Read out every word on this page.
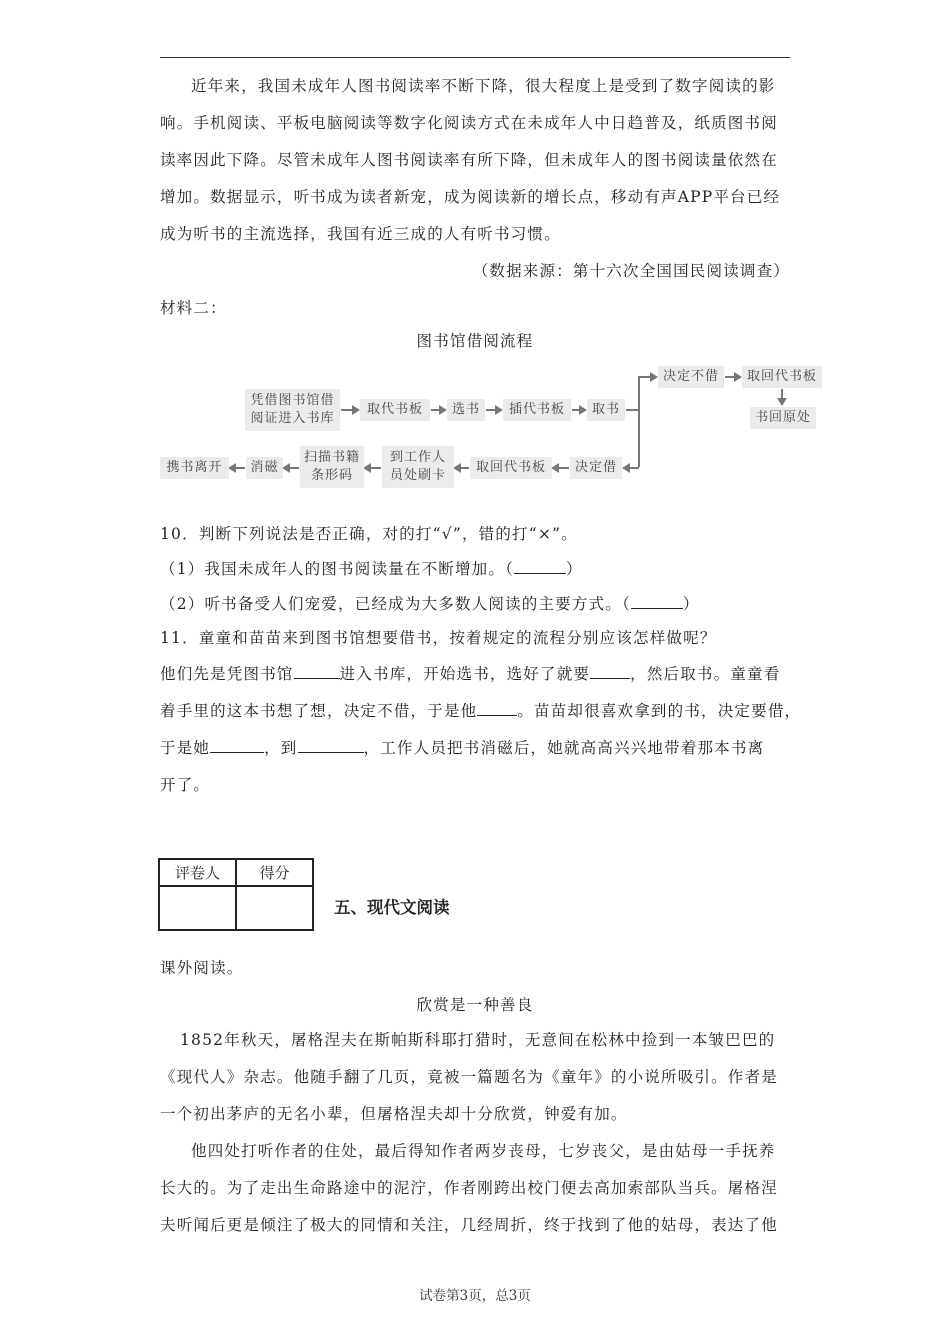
近年来，我国未成年人图书阅读率不断下降，很大程度上是受到了数字阅读的影
响。手机阅读、平板电脑阅读等数字化阅读方式在未成年人中日趋普及，纸质图书阅
读率因此下降。尽管未成年人图书阅读率有所下降，但未成年人的图书阅读量依然在
增加。数据显示，听书成为读者新宠，成为阅读新的增长点，移动有声APP平台已经
成为听书的主流选择，我国有近三成的人有听书习惯。
（数据来源：第十六次全国国民阅读调查）
材料二：
图书馆借阅流程
凭借图书馆借
阅证进入书库
取代书板	选书	插代书板	取书
决定不借	取回代书板
书回原处
决定借
取回代书板
到工作人
员处刷卡
扫描书籍
条形码
消磁
携书离开
10．判断下列说法是否正确，对的打“√”，错的打“×”。
（1）我国未成年人的图书阅读量在不断增加。（	）
（2）听书备受人们宠爱，已经成为大多数人阅读的主要方式。（	）
11．童童和苗苗来到图书馆想要借书，按着规定的流程分别应该怎样做呢？
他们先是凭图书馆	进入书库，开始选书，选好了就要	，然后取书。童童看
着手里的这本书想了想，决定不借，于是他	。苗苗却很喜欢拿到的书，决定要借，
于是她	，到	，工作人员把书消磁后，她就高高兴兴地带着那本书离
开了。
评卷人	得分

五、现代文阅读
课外阅读。
欣赏是一种善良
1852年秋天，屠格涅夫在斯帕斯科耶打猎时，无意间在松林中捡到一本皱巴巴的
《现代人》杂志。他随手翻了几页，竟被一篇题名为《童年》的小说所吸引。作者是
一个初出茅庐的无名小辈，但屠格涅夫却十分欣赏，钟爱有加。
他四处打听作者的住处，最后得知作者两岁丧母，七岁丧父，是由姑母一手抚养
长大的。为了走出生命路途中的泥泞，作者刚跨出校门便去高加索部队当兵。屠格涅
夫听闻后更是倾注了极大的同情和关注，几经周折，终于找到了他的姑母，表达了他
试卷第3页，总3页
